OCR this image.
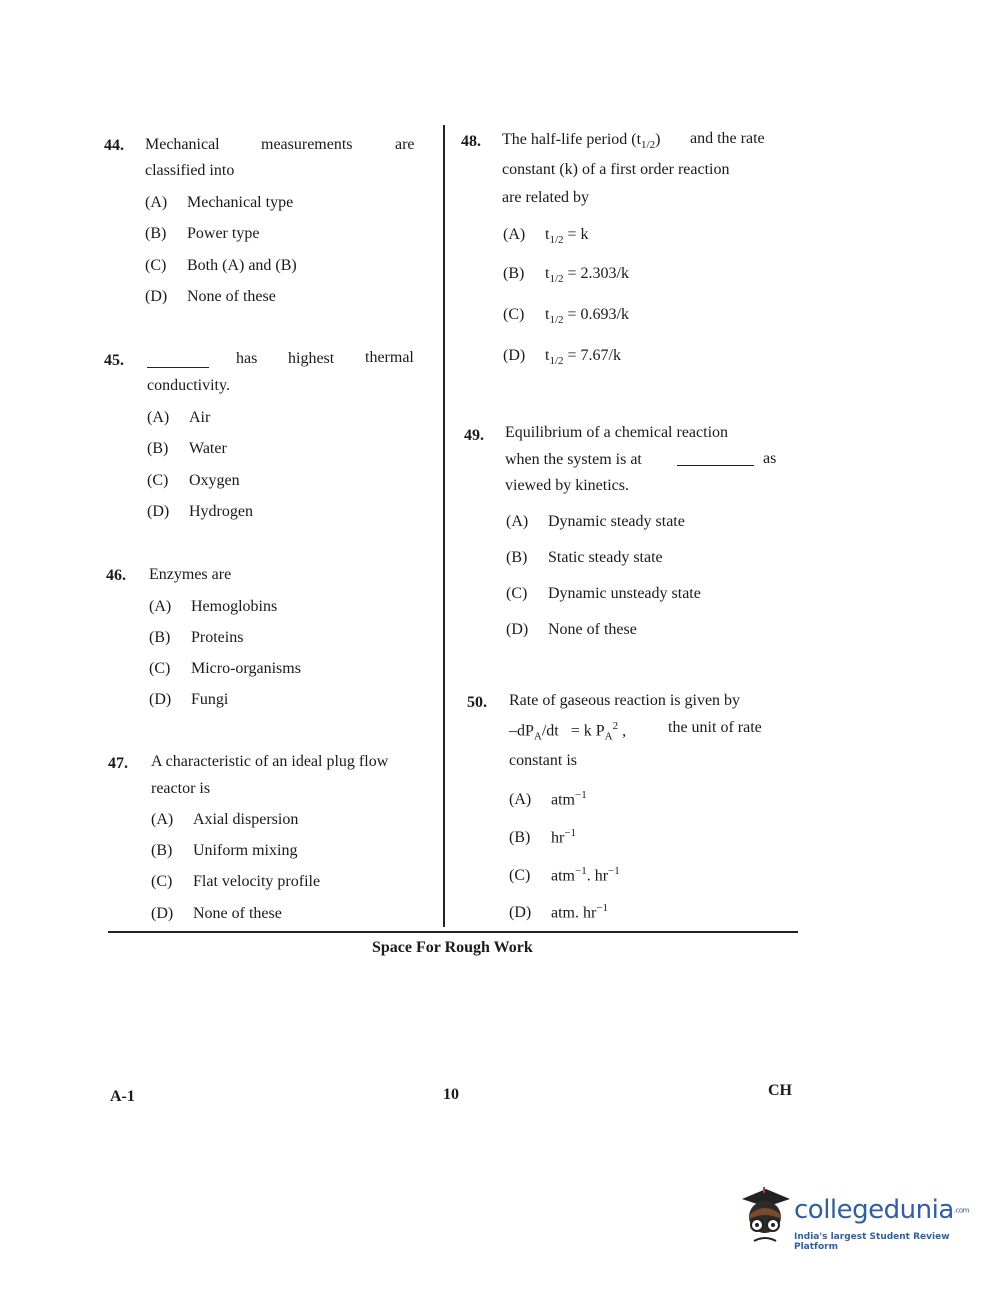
44. Mechanical	measurements	are
classified into
(A) Mechanical type
(B) Power type
(C) Both (A) and (B)
(D) None of these
45.	has highest thermal
conductivity.
(A) Air
(B) Water
(C) Oxygen
(D) Hydrogen
46. Enzymes are
(A) Hemoglobins
(B) Proteins
(C) Micro-organisms
(D) Fungi
47. A characteristic of an ideal plug flow
reactor is
(A) Axial dispersion
(B) Uniform mixing
(C) Flat velocity profile
(D) None of these
48. The half-life period $(t_{1/2})$ and the rate
constant (k) of a first order reaction
are related by
(A) $t_{1/2} = k$
(B) $t_{1/2} = 2.303/k$
(C) $t_{1/2} = 0.693/k$
(D) $t_{1/2} = 7.67/k$
49. Equilibrium of a chemical reaction
when the system is at	as
viewed by kinetics.
(A) Dynamic steady state
(B) Static steady state
(C) Dynamic unsteady state
(D) None of these
50. Rate of gaseous reaction is given by
$-dP_A/dt = k$ $P_A^2$ ,	the unit of rate
constant is
(A) atm$^{-1}$
(B) $hr^{-1}$
(C) atm$^{-1}$. $hr^{-1}$
(D) atm. $hr^{-1}$
Space For Rough Work
A-1	10	CH
collegedunia.com
India's largest Student Review Platform
